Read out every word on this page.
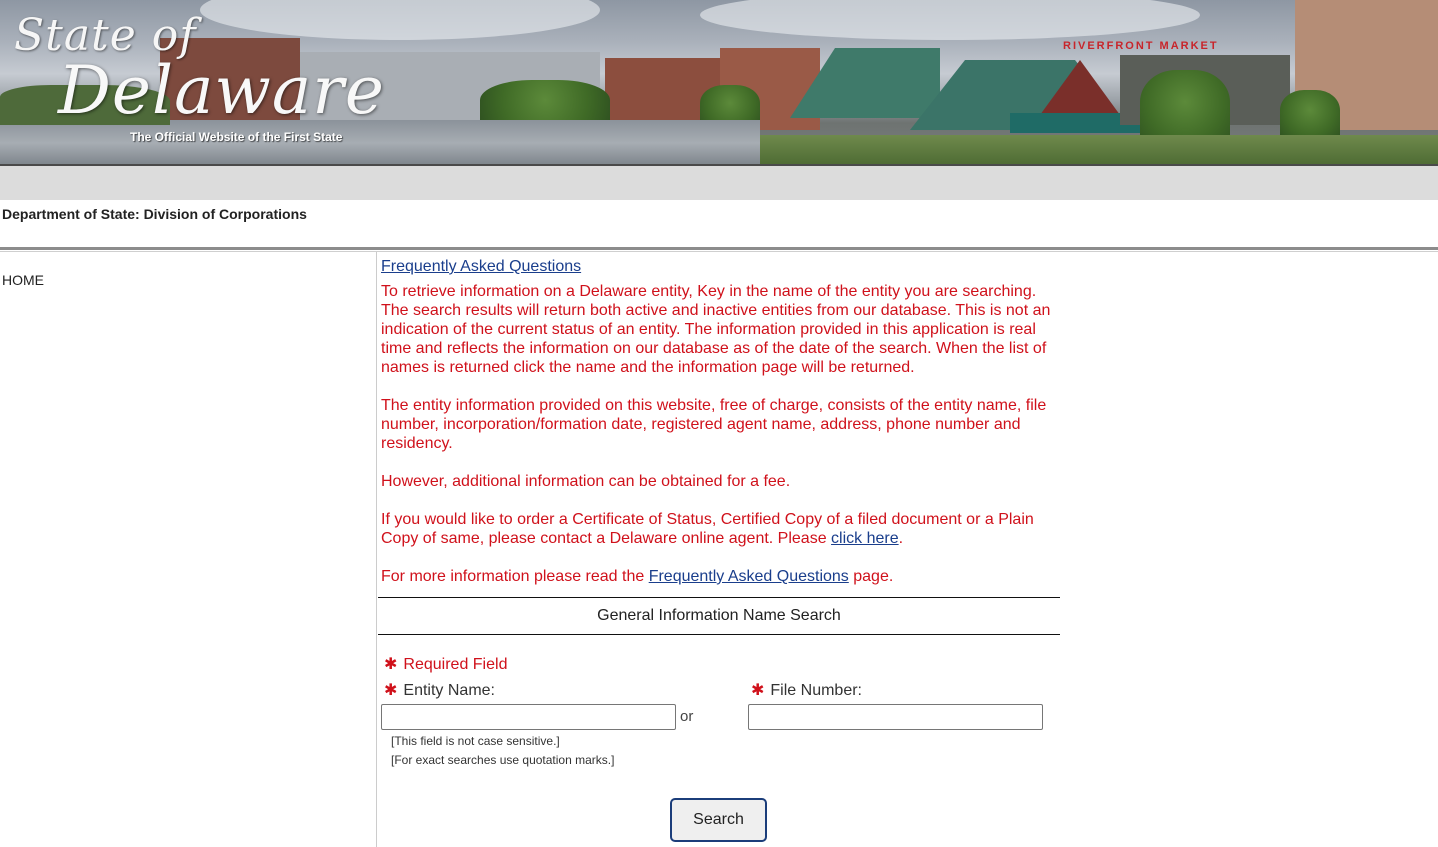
State of
Delaware
The Official Website of the First State
RIVERFRONT MARKET
Department of State: Division of Corporations
HOME
Frequently Asked Questions

To retrieve information on a Delaware entity, Key in the name of the entity you are searching. The search results will return both active and inactive entities from our database. This is not an indication of the current status of an entity. The information provided in this application is real time and reflects the information on our database as of the date of the search. When the list of names is returned click the name and the information page will be returned.

The entity information provided on this website, free of charge, consists of the entity name, file number, incorporation/formation date, registered agent name, address, phone number and residency.

However, additional information can be obtained for a fee.

If you would like to order a Certificate of Status, Certified Copy of a filed document or a Plain Copy of same, please contact a Delaware online agent. Please click here.

For more information please read the Frequently Asked Questions page.

General Information Name Search
✱ Required Field
✱ Entity Name:	✱ File Number:
or
[This field is not case sensitive.]
[For exact searches use quotation marks.]
Search
